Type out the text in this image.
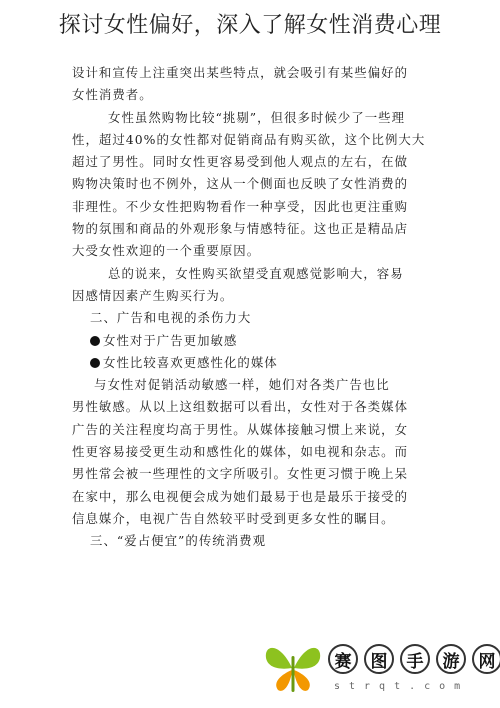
探讨女性偏好，深入了解女性消费心理
设计和宣传上注重突出某些特点，就会吸引有某些偏好的
女性消费者。
女性虽然购物比较“挑剔”，但很多时候少了一些理
性，超过40%的女性都对促销商品有购买欲，这个比例大大
超过了男性。同时女性更容易受到他人观点的左右，在做
购物决策时也不例外，这从一个侧面也反映了女性消费的
非理性。不少女性把购物看作一种享受，因此也更注重购
物的氛围和商品的外观形象与情感特征。这也正是精品店
大受女性欢迎的一个重要原因。
总的说来，女性购买欲望受直观感觉影响大，容易
因感情因素产生购买行为。
二、广告和电视的杀伤力大
女性对于广告更加敏感
女性比较喜欢更感性化的媒体
与女性对促销活动敏感一样，她们对各类广告也比
男性敏感。从以上这组数据可以看出，女性对于各类媒体
广告的关注程度均高于男性。从媒体接触习惯上来说，女
性更容易接受更生动和感性化的媒体，如电视和杂志。而
男性常会被一些理性的文字所吸引。女性更习惯于晚上呆
在家中，那么电视便会成为她们最易于也是最乐于接受的
信息媒介，电视广告自然较平时受到更多女性的瞩目。
三、“爱占便宜”的传统消费观
赛	图	手	游	网
strqt.com
